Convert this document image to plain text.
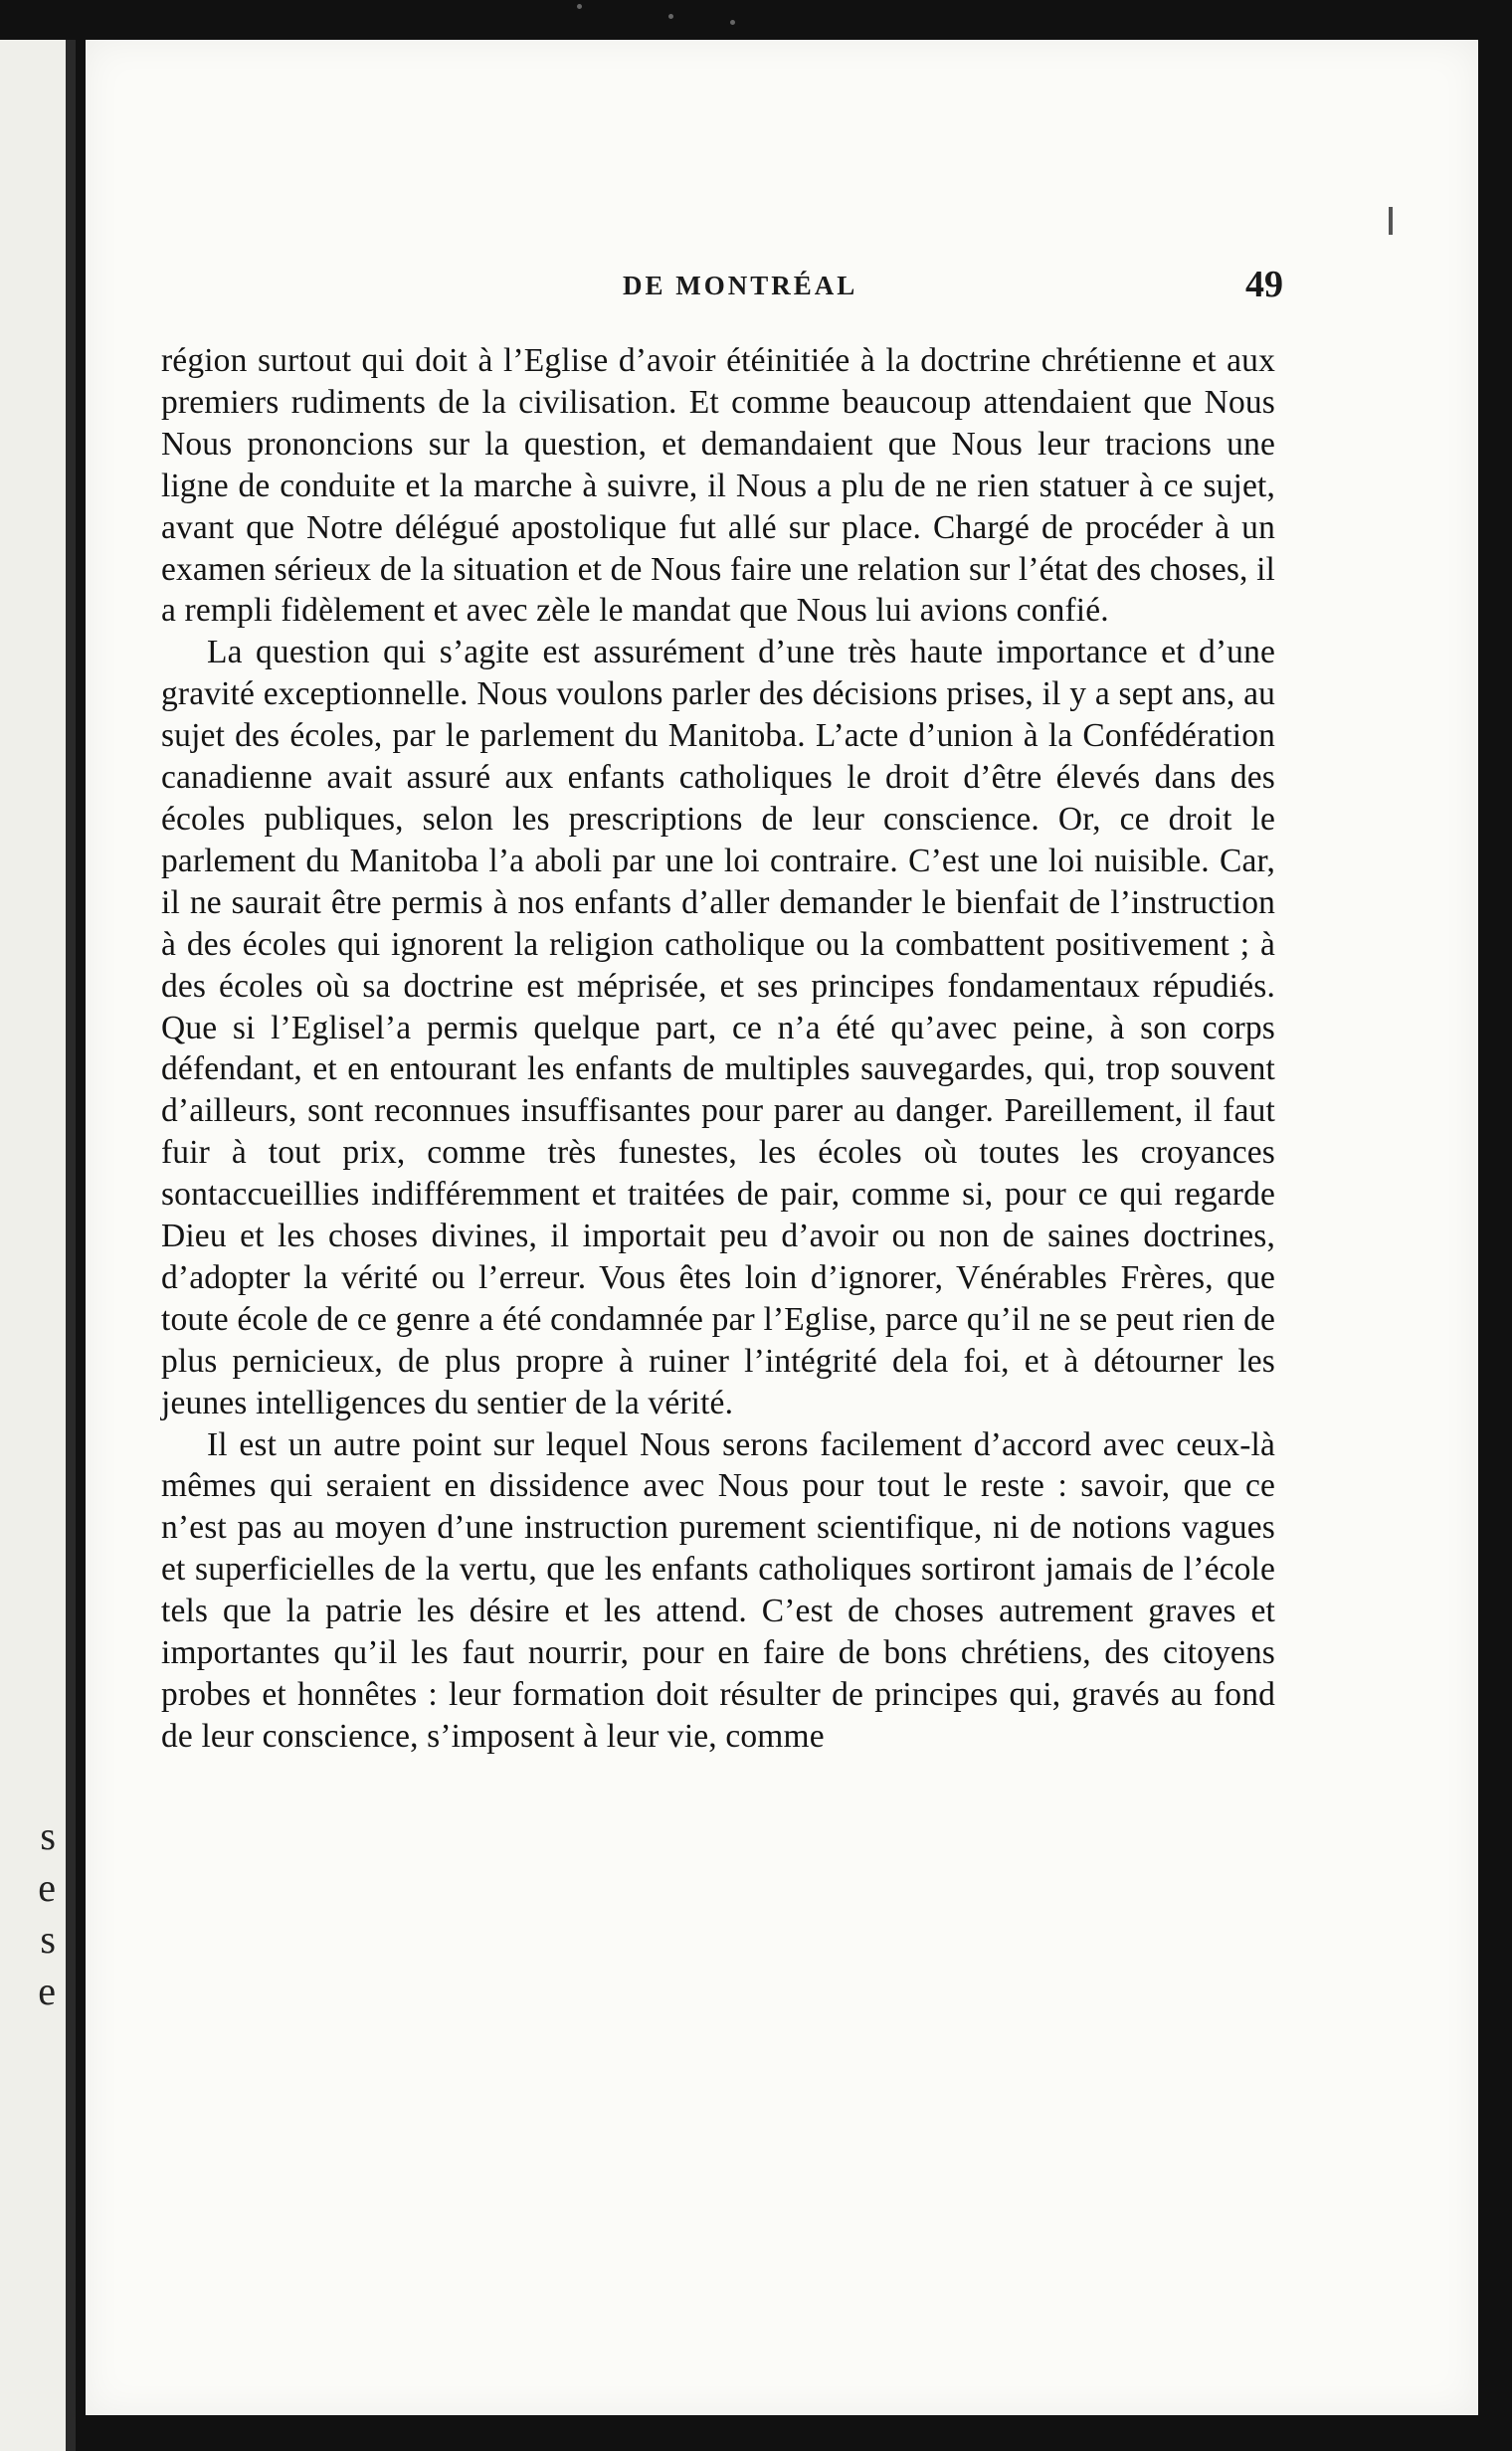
s
e
s
e
DE MONTRÉAL	49

région surtout qui doit à l’Eglise d’avoir étéinitiée à la doctrine chrétienne et aux premiers rudiments de la civilisation. Et comme beaucoup attendaient que Nous Nous prononcions sur la question, et demandaient que Nous leur tracions une ligne de conduite et la marche à suivre, il Nous a plu de ne rien statuer à ce sujet, avant que Notre délégué apostolique fut allé sur place. Chargé de procéder à un examen sérieux de la situation et de Nous faire une relation sur l’état des choses, il a rempli fidèlement et avec zèle le mandat que Nous lui avions confié.

La question qui s’agite est assurément d’une très haute importance et d’une gravité exceptionnelle. Nous voulons parler des décisions prises, il y a sept ans, au sujet des écoles, par le parlement du Manitoba. L’acte d’union à la Confédération canadienne avait assuré aux enfants catholiques le droit d’être élevés dans des écoles publiques, selon les prescriptions de leur conscience. Or, ce droit le parlement du Manitoba l’a aboli par une loi contraire. C’est une loi nuisible. Car, il ne saurait être permis à nos enfants d’aller demander le bienfait de l’instruction à des écoles qui ignorent la religion catholique ou la combattent positivement ; à des écoles où sa doctrine est méprisée, et ses principes fondamentaux répudiés. Que si l’Eglisel’a permis quelque part, ce n’a été qu’avec peine, à son corps défendant, et en entourant les enfants de multiples sauvegardes, qui, trop souvent d’ailleurs, sont reconnues insuffisantes pour parer au danger. Pareillement, il faut fuir à tout prix, comme très funestes, les écoles où toutes les croyances sontaccueillies indifféremment et traitées de pair, comme si, pour ce qui regarde Dieu et les choses divines, il importait peu d’avoir ou non de saines doctrines, d’adopter la vérité ou l’erreur. Vous êtes loin d’ignorer, Vénérables Frères, que toute école de ce genre a été condamnée par l’Eglise, parce qu’il ne se peut rien de plus pernicieux, de plus propre à ruiner l’intégrité dela foi, et à détourner les jeunes intelligences du sentier de la vérité.

Il est un autre point sur lequel Nous serons facilement d’accord avec ceux-là mêmes qui seraient en dissidence avec Nous pour tout le reste : savoir, que ce n’est pas au moyen d’une instruction purement scientifique, ni de notions vagues et superficielles de la vertu, que les enfants catholiques sortiront jamais de l’école tels que la patrie les désire et les attend. C’est de choses autrement graves et importantes qu’il les faut nourrir, pour en faire de bons chrétiens, des citoyens probes et honnêtes : leur formation doit résulter de principes qui, gravés au fond de leur conscience, s’imposent à leur vie, comme
